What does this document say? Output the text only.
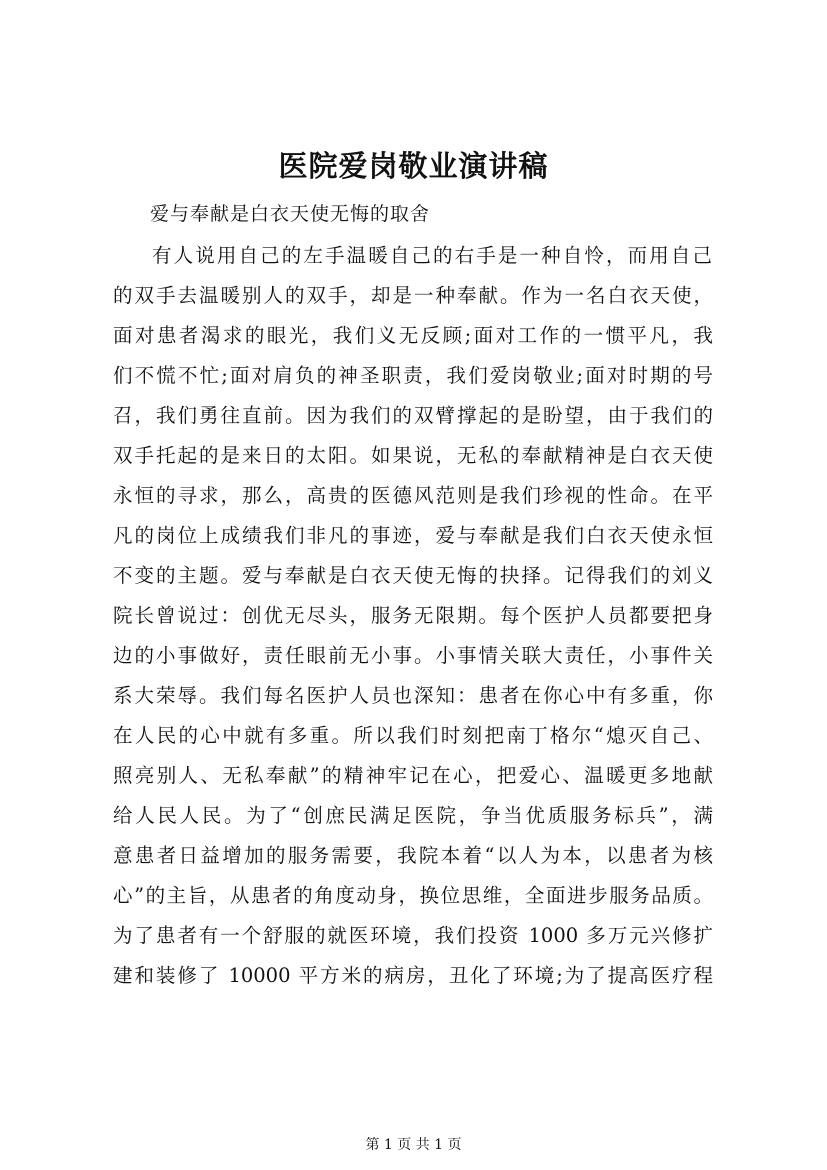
医院爱岗敬业演讲稿
爱与奉献是白衣天使无悔的取舍
有人说用自己的左手温暖自己的右手是一种自怜，而用自己
的双手去温暖别人的双手，却是一种奉献。作为一名白衣天使，
面对患者渴求的眼光，我们义无反顾;面对工作的一惯平凡，我
们不慌不忙;面对肩负的神圣职责，我们爱岗敬业;面对时期的号
召，我们勇往直前。因为我们的双臂撑起的是盼望，由于我们的
双手托起的是来日的太阳。如果说，无私的奉献精神是白衣天使
永恒的寻求，那么，高贵的医德风范则是我们珍视的性命。在平
凡的岗位上成绩我们非凡的事迹，爱与奉献是我们白衣天使永恒
不变的主题。爱与奉献是白衣天使无悔的抉择。记得我们的刘义
院长曾说过：创优无尽头，服务无限期。每个医护人员都要把身
边的小事做好，责任眼前无小事。小事情关联大责任，小事件关
系大荣辱。我们每名医护人员也深知：患者在你心中有多重，你
在人民的心中就有多重。所以我们时刻把南丁格尔“熄灭自己、
照亮别人、无私奉献”的精神牢记在心，把爱心、温暖更多地献
给人民人民。为了“创庶民满足医院，争当优质服务标兵”，满
意患者日益增加的服务需要，我院本着“以人为本，以患者为核
心”的主旨，从患者的角度动身，换位思维，全面进步服务品质。
为了患者有一个舒服的就医环境，我们投资 1000 多万元兴修扩
建和装修了 10000 平方米的病房，丑化了环境;为了提高医疗程
第 1 页 共 1 页
